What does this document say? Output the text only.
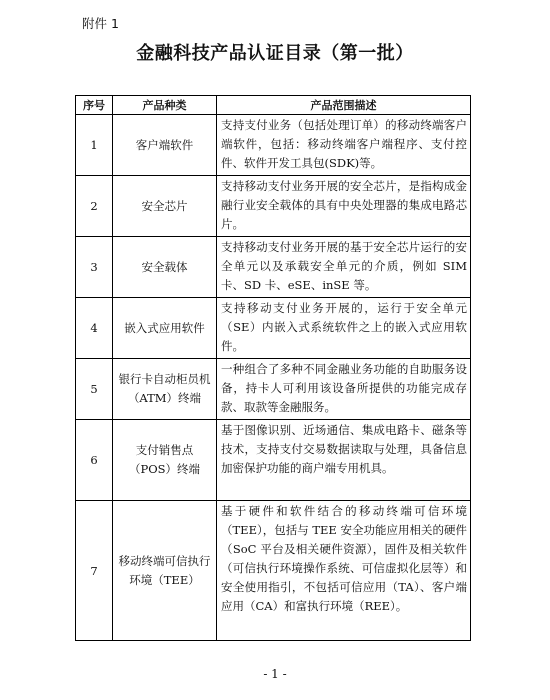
附件 1
金融科技产品认证目录（第一批）
序号	产品种类	产品范围描述
1	客户端软件	支持支付业务（包括处理订单）的移动终端客户端软件，包括：移动终端客户端程序、支付控件、软件开发工具包(SDK)等。
2	安全芯片	支持移动支付业务开展的安全芯片，是指构成金融行业安全载体的具有中央处理器的集成电路芯片。
3	安全载体	支持移动支付业务开展的基于安全芯片运行的安全单元以及承载安全单元的介质，例如 SIM 卡、SD 卡、eSE、inSE 等。
4	嵌入式应用软件	支持移动支付业务开展的，运行于安全单元（SE）内嵌入式系统软件之上的嵌入式应用软件。
5	银行卡自动柜员机（ATM）终端	一种组合了多种不同金融业务功能的自助服务设备，持卡人可利用该设备所提供的功能完成存款、取款等金融服务。
6	支付销售点（POS）终端	基于图像识别、近场通信、集成电路卡、磁条等技术，支持支付交易数据读取与处理，具备信息加密保护功能的商户端专用机具。
7	移动终端可信执行环境（TEE）	基于硬件和软件结合的移动终端可信环境（TEE），包括与 TEE 安全功能应用相关的硬件（SoC 平台及相关硬件资源），固件及相关软件（可信执行环境操作系统、可信虚拟化层等）和安全使用指引，不包括可信应用（TA）、客户端应用（CA）和富执行环境（REE）。
- 1 -
